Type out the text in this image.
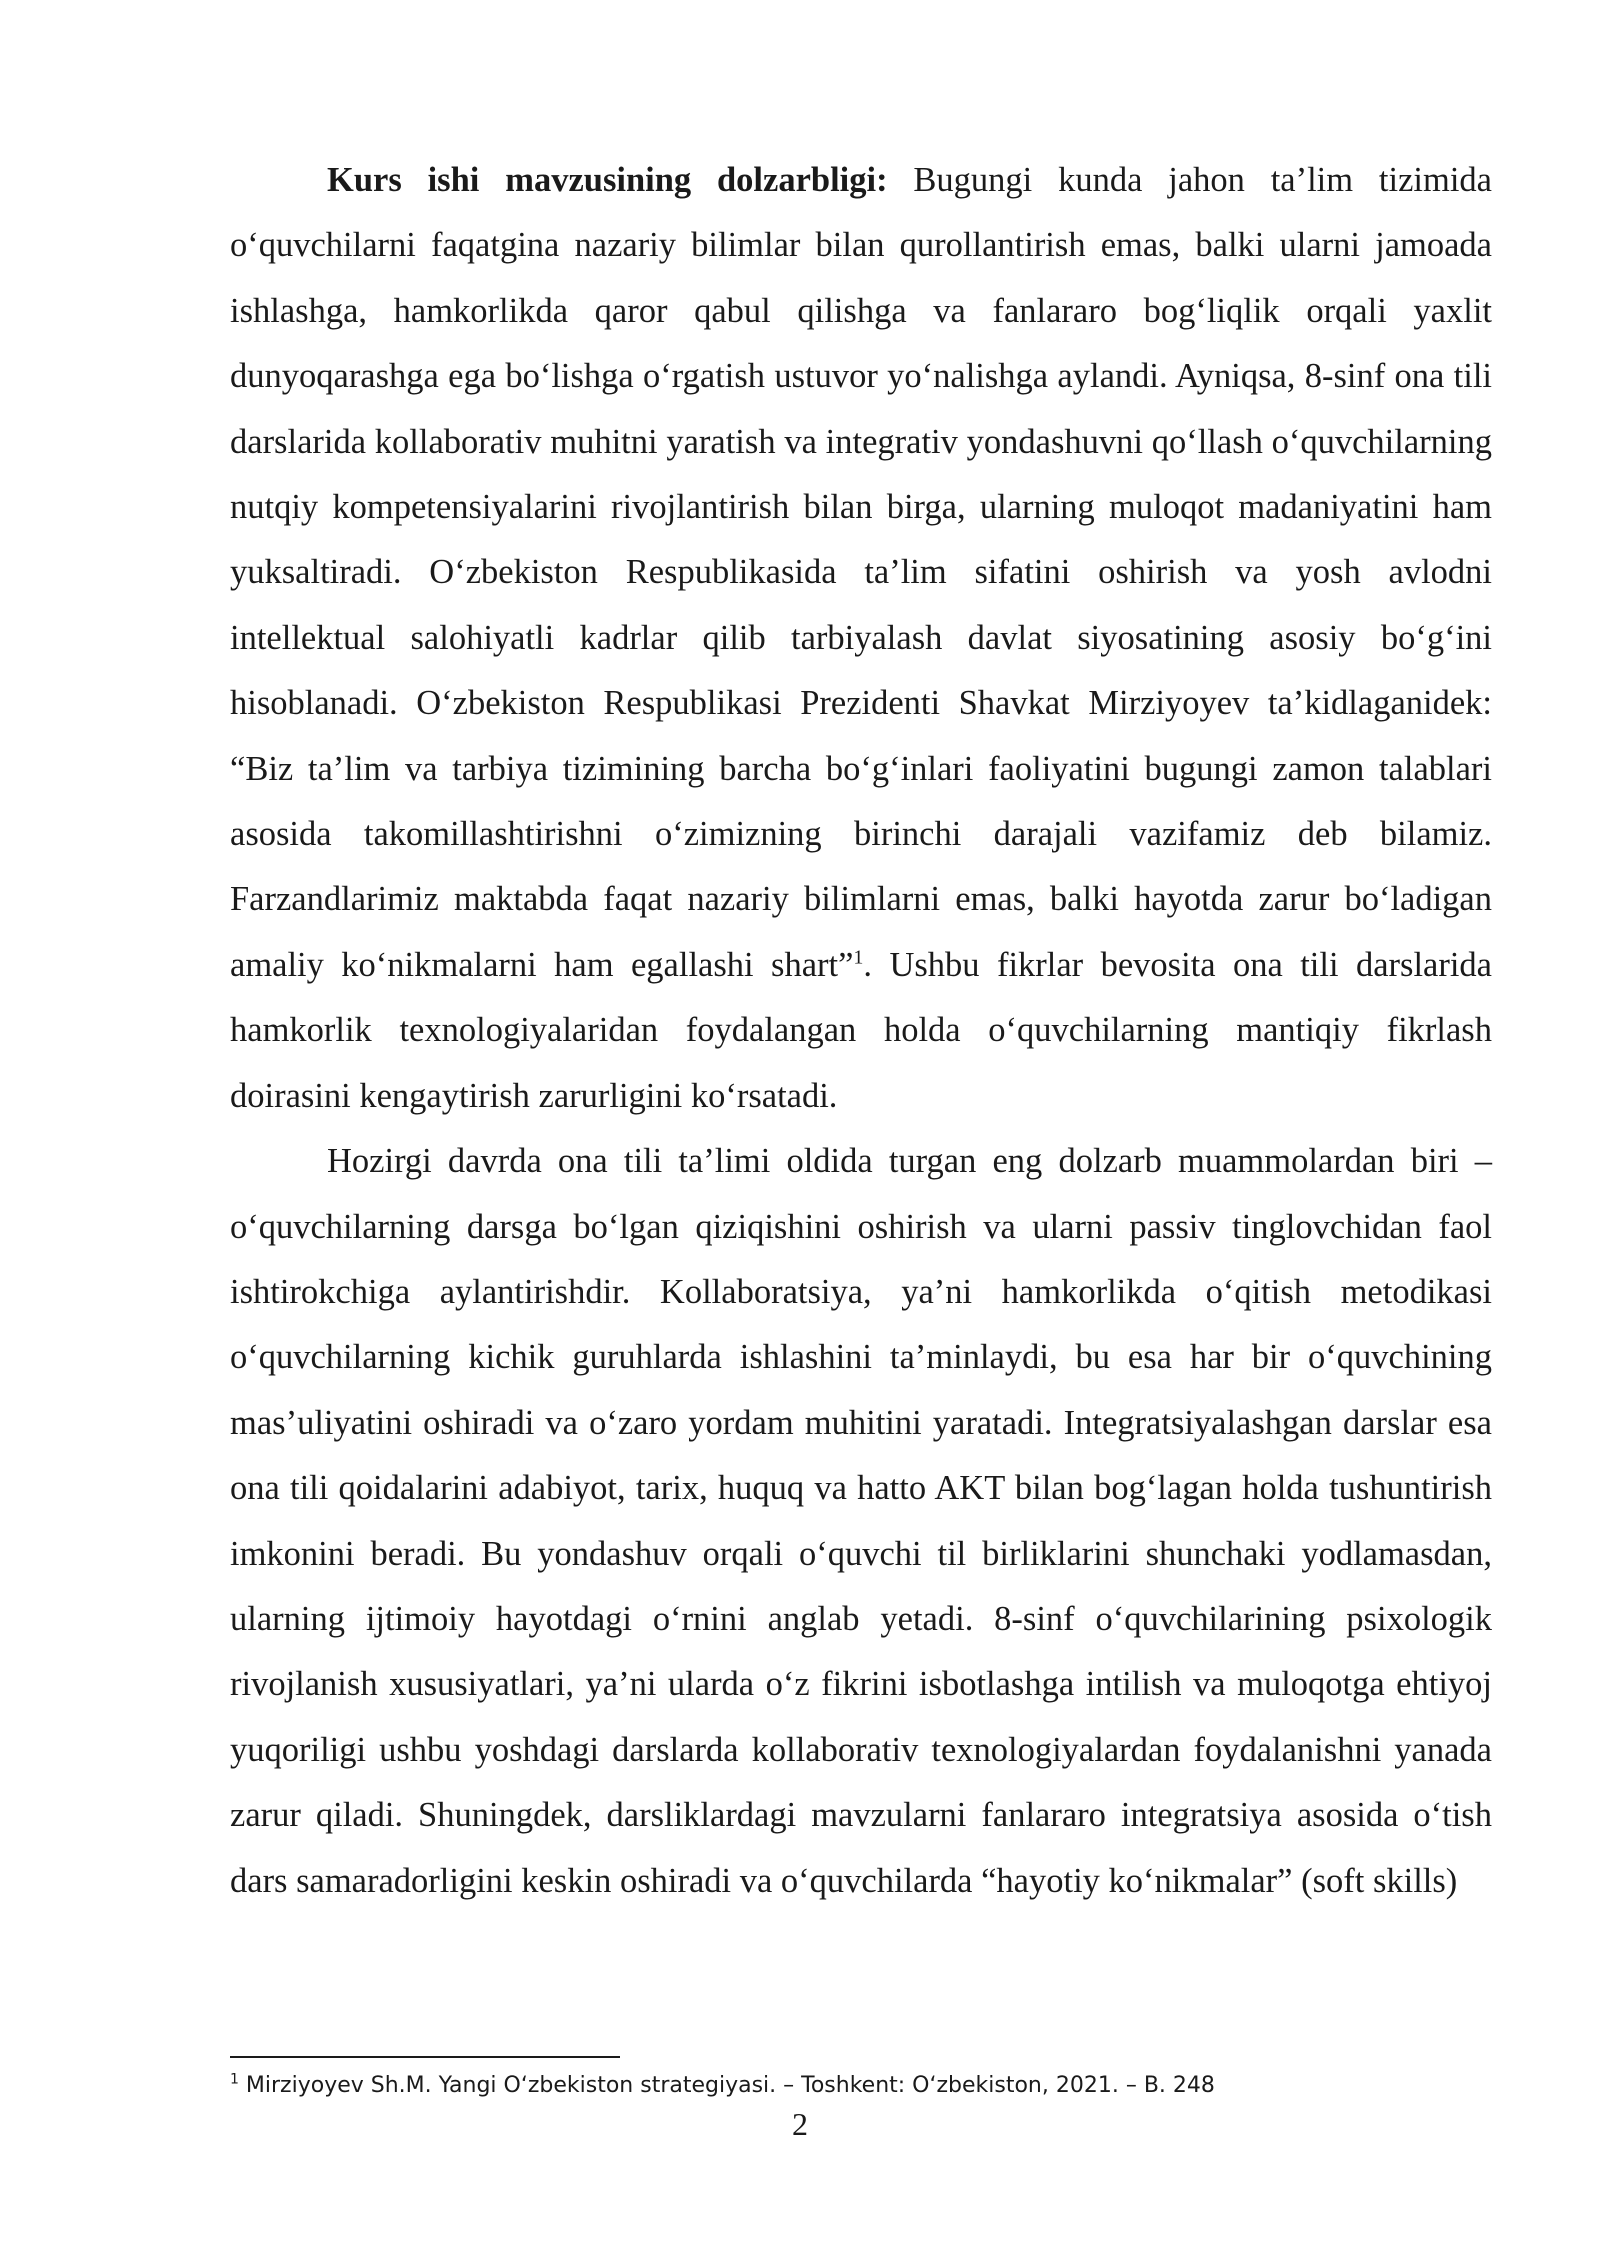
Kurs ishi mavzusining dolzarbligi: Bugungi kunda jahon ta’lim tizimida o‘quvchilarni faqatgina nazariy bilimlar bilan qurollantirish emas, balki ularni jamoada ishlashga, hamkorlikda qaror qabul qilishga va fanlararo bog‘liqlik orqali yaxlit dunyoqarashga ega bo‘lishga o‘rgatish ustuvor yo‘nalishga aylandi. Ayniqsa, 8-sinf ona tili darslarida kollaborativ muhitni yaratish va integrativ yondashuvni qo‘llash o‘quvchilarning nutqiy kompetensiyalarini rivojlantirish bilan birga, ularning muloqot madaniyatini ham yuksaltiradi. O‘zbekiston Respublikasida ta’lim sifatini oshirish va yosh avlodni intellektual salohiyatli kadrlar qilib tarbiyalash davlat siyosatining asosiy bo‘g‘ini hisoblanadi. O‘zbekiston Respublikasi Prezidenti Shavkat Mirziyoyev ta’kidlaganidek: “Biz ta’lim va tarbiya tizimining barcha bo‘g‘inlari faoliyatini bugungi zamon talablari asosida takomillashtirishni o‘zimizning birinchi darajali vazifamiz deb bilamiz. Farzandlarimiz maktabda faqat nazariy bilimlarni emas, balki hayotda zarur bo‘ladigan amaliy ko‘nikmalarni ham egallashi shart”$^1$. Ushbu fikrlar bevosita ona tili darslarida hamkorlik texnologiyalaridan foydalangan holda o‘quvchilarning mantiqiy fikrlash doirasini kengaytirish zarurligini ko‘rsatadi.

Hozirgi davrda ona tili ta’limi oldida turgan eng dolzarb muammolardan biri – o‘quvchilarning darsga bo‘lgan qiziqishini oshirish va ularni passiv tinglovchidan faol ishtirokchiga aylantirishdir. Kollaboratsiya, ya’ni hamkorlikda o‘qitish metodikasi o‘quvchilarning kichik guruhlarda ishlashini ta’minlaydi, bu esa har bir o‘quvchining mas’uliyatini oshiradi va o‘zaro yordam muhitini yaratadi. Integratsiyalashgan darslar esa ona tili qoidalarini adabiyot, tarix, huquq va hatto AKT bilan bog‘lagan holda tushuntirish imkonini beradi. Bu yondashuv orqali o‘quvchi til birliklarini shunchaki yodlamasdan, ularning ijtimoiy hayotdagi o‘rnini anglab yetadi. 8-sinf o‘quvchilarining psixologik rivojlanish xususiyatlari, ya’ni ularda o‘z fikrini isbotlashga intilish va muloqotga ehtiyoj yuqoriligi ushbu yoshdagi darslarda kollaborativ texnologiyalardan foydalanishni yanada zarur qiladi. Shuningdek, darsliklardagi mavzularni fanlararo integratsiya asosida o‘tish dars samaradorligini keskin oshiradi va o‘quvchilarda “hayotiy ko‘nikmalar” (soft skills)

$^1$ Mirziyoyev Sh.M. Yangi O‘zbekiston strategiyasi. – Toshkent: O‘zbekiston, 2021. – B. 248
2
